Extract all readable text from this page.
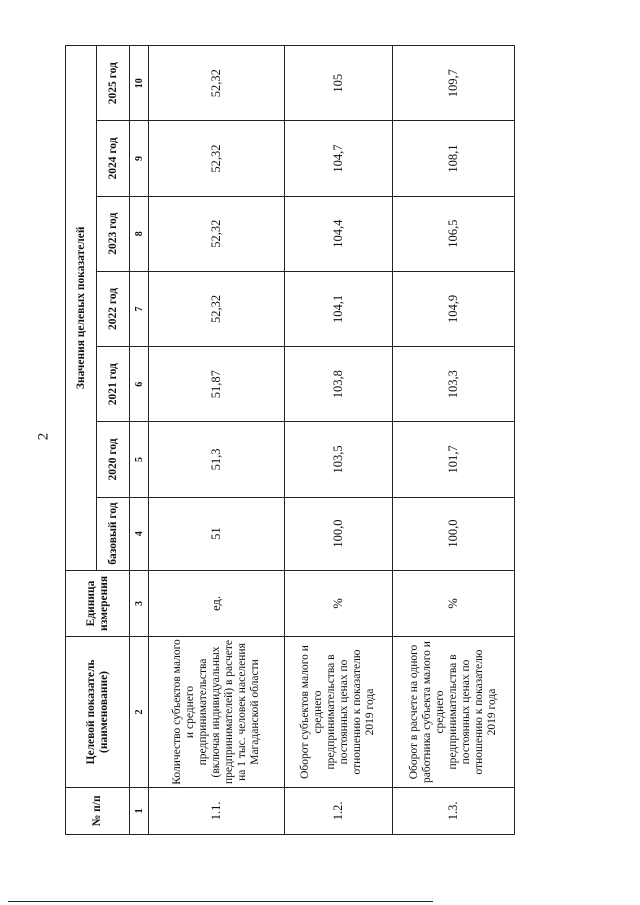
2
№ п/п	Целевой показатель (наименование)	Единица измерения	Значения целевых показателей						
			базовый год	2020 год	2021 год	2022 год	2023 год	2024 год	2025 год
1	2	3	4	5	6	7	8	9	10
1.1.	Количество субъектов малого и среднего предпринимательства (включая индивидуальных предпринимателей) в расчете на 1 тыс. человек населения Магаданской области	ед.	51	51,3	51,87	52,32	52,32	52,32	52,32
1.2.	Оборот субъектов малого и среднего предпринимательства в постоянных ценах по отношению к показателю 2019 года	%	100,0	103,5	103,8	104,1	104,4	104,7	105
1.3.	Оборот в расчете на одного работника субъекта малого и среднего предпринимательства в постоянных ценах по отношению к показателю 2019 года	%	100,0	101,7	103,3	104,9	106,5	108,1	109,7
